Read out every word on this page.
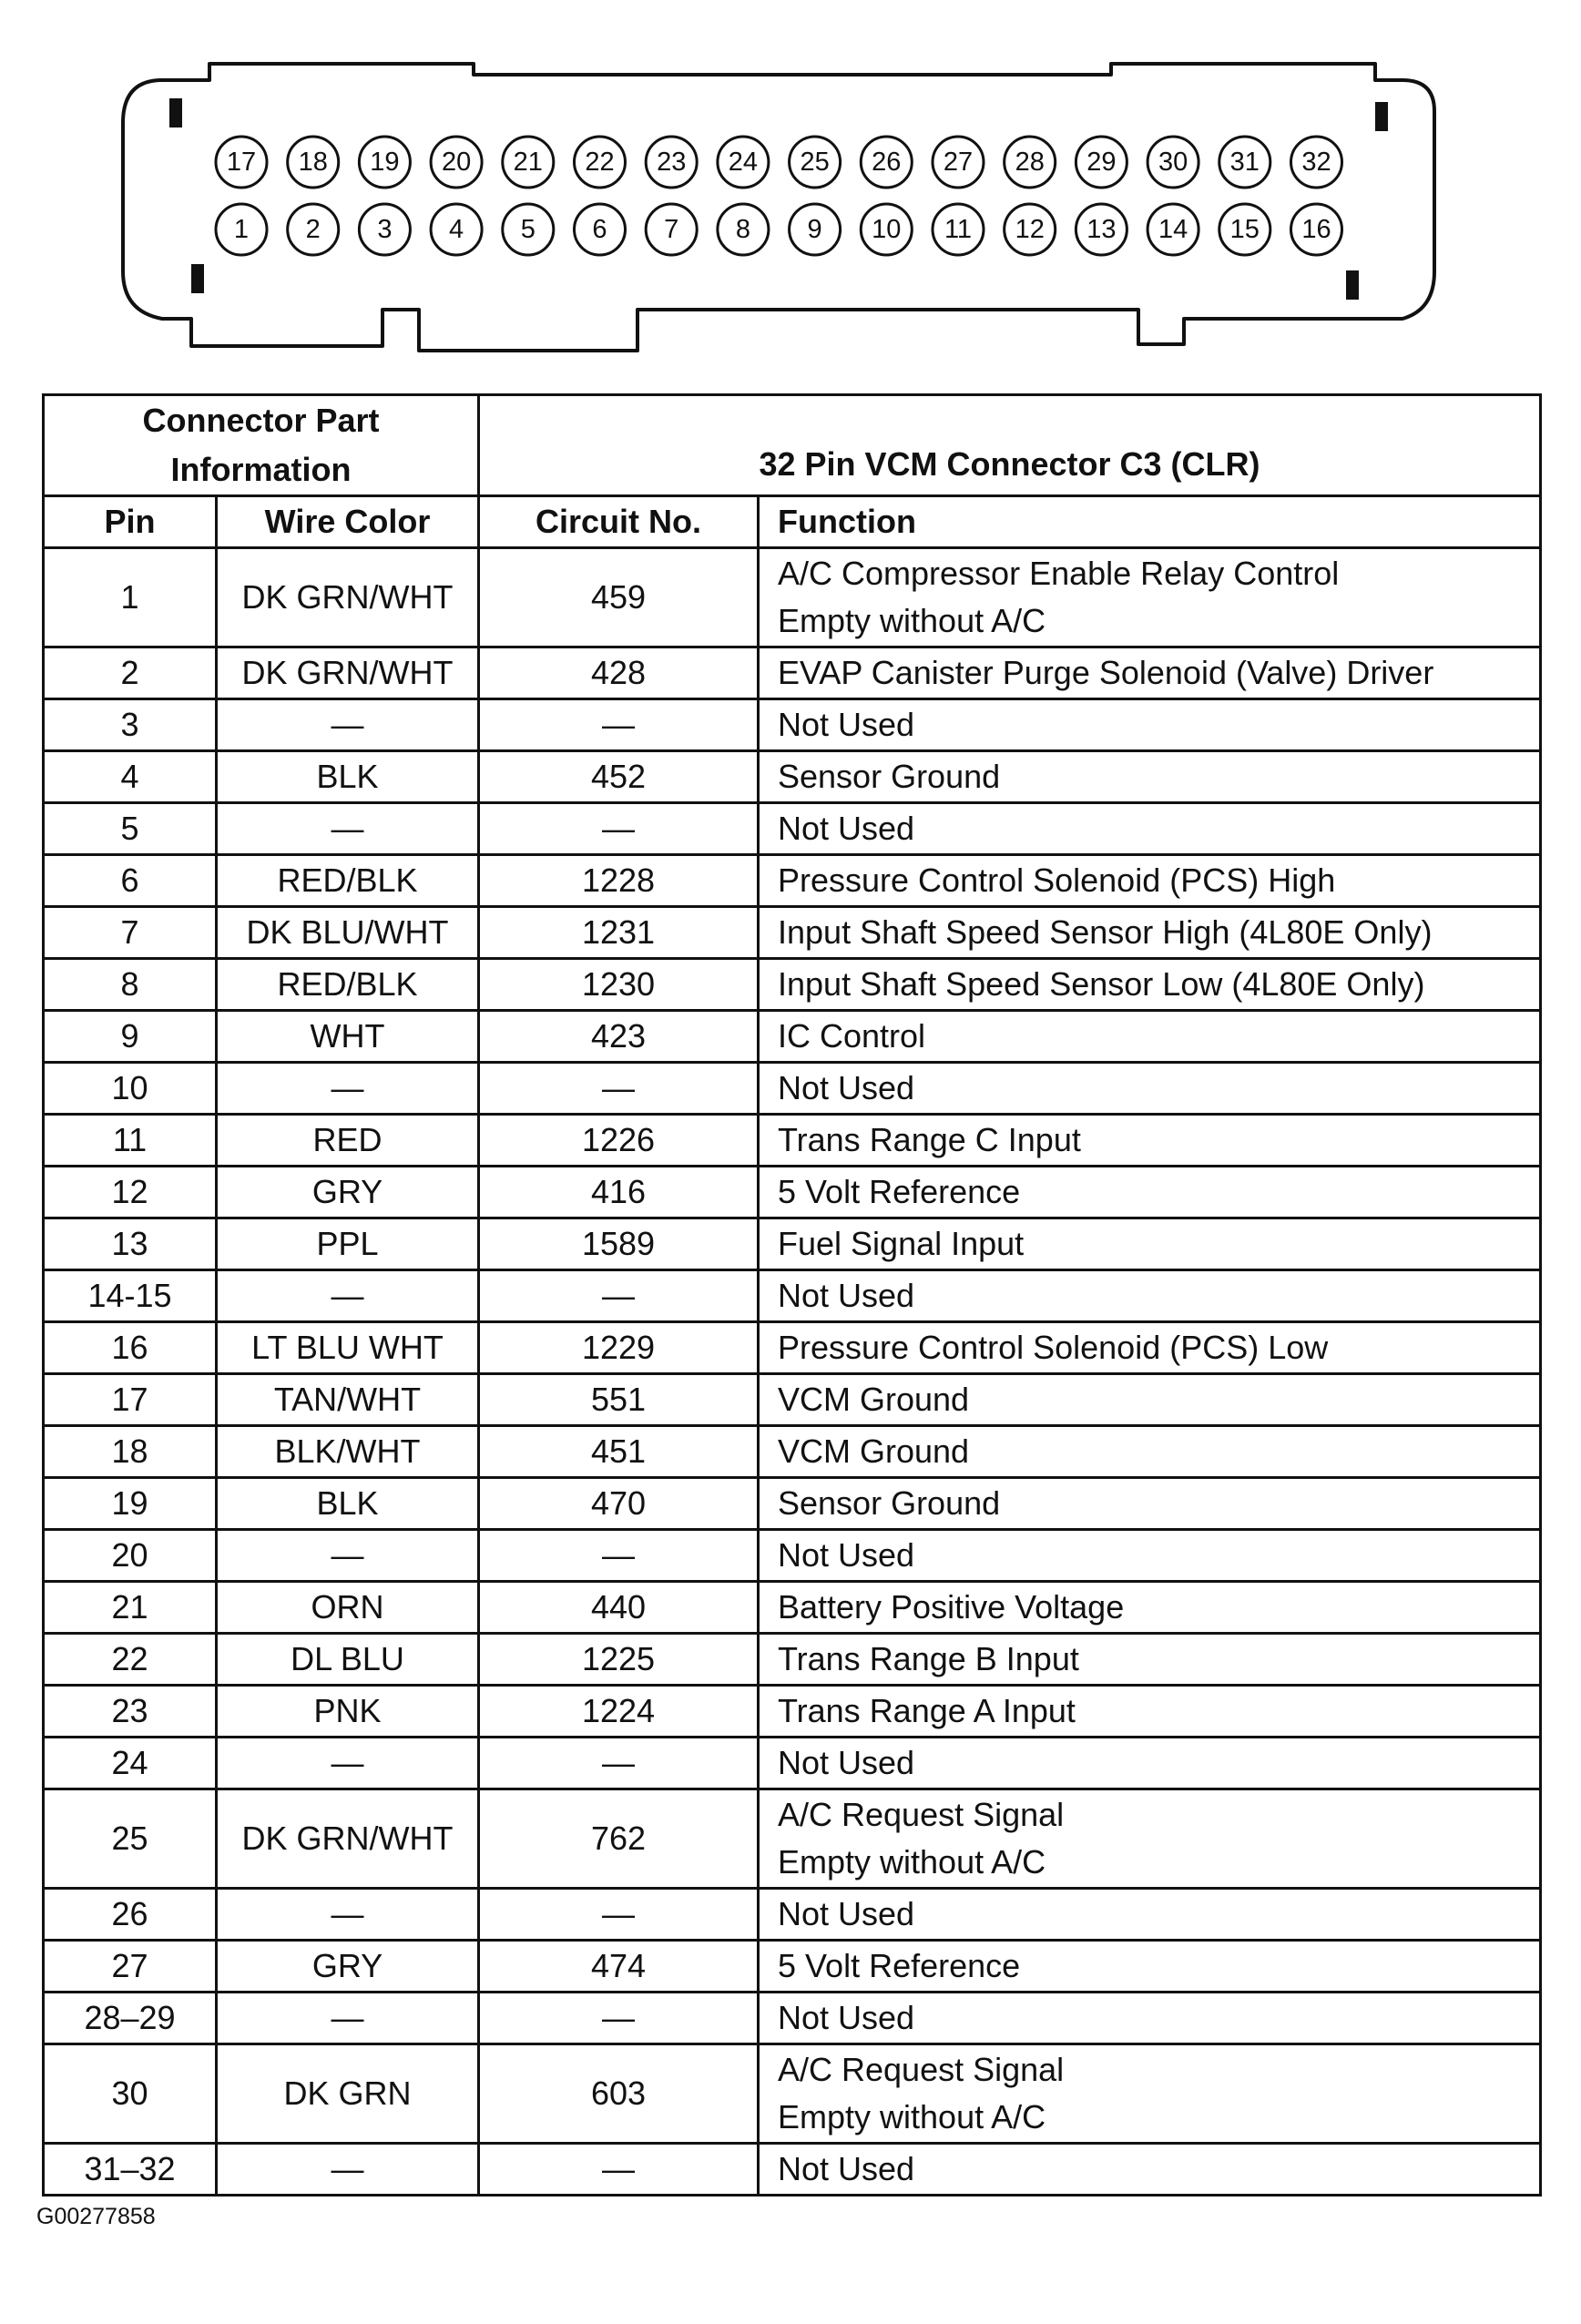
17 18 19 20 21 22 23 24 25 26 27 28 29 30 31 32
1 2 3 4 5 6 7 8 9 10 11 12 13 14 15 16
Connector Part Information		32 Pin VCM Connector C3 (CLR)	
Pin	Wire Color	Circuit No.	Function
1	DK GRN/WHT	459	A/C Compressor Enable Relay Control
Empty without A/C

2	DK GRN/WHT	428	EVAP Canister Purge Solenoid (Valve) Driver
3	—	—	Not Used
4	BLK	452	Sensor Ground
5	—	—	Not Used
6	RED/BLK	1228	Pressure Control Solenoid (PCS) High
7	DK BLU/WHT	1231	Input Shaft Speed Sensor High (4L80E Only)
8	RED/BLK	1230	Input Shaft Speed Sensor Low (4L80E Only)
9	WHT	423	IC Control
10	—	—	Not Used
11	RED	1226	Trans Range C Input
12	GRY	416	5 Volt Reference
13	PPL	1589	Fuel Signal Input
14-15	—	—	Not Used
16	LT BLU WHT	1229	Pressure Control Solenoid (PCS) Low
17	TAN/WHT	551	VCM Ground
18	BLK/WHT	451	VCM Ground
19	BLK	470	Sensor Ground
20	—	—	Not Used
21	ORN	440	Battery Positive Voltage
22	DL BLU	1225	Trans Range B Input
23	PNK	1224	Trans Range A Input
24	—	—	Not Used
25	DK GRN/WHT	762	A/C Request Signal
Empty without A/C

26	—	—	Not Used
27	GRY	474	5 Volt Reference
28–29	—	—	Not Used
30	DK GRN	603	A/C Request Signal
Empty without A/C

31–32	—	—	Not Used
G00277858
